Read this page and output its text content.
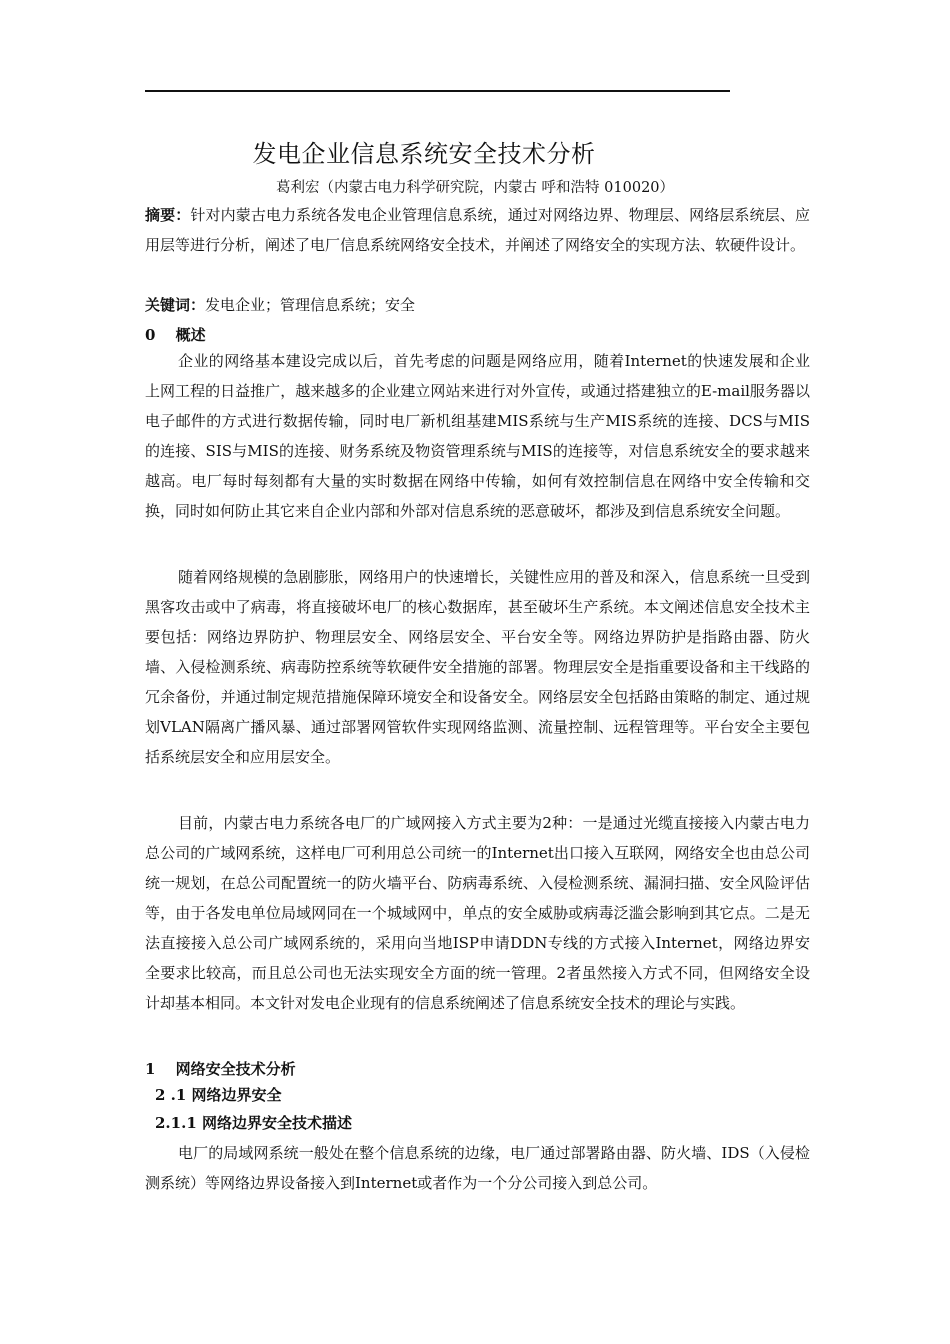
发电企业信息系统安全技术分析
葛利宏（内蒙古电力科学研究院，内蒙古 呼和浩特 010020）

摘要：针对内蒙古电力系统各发电企业管理信息系统，通过对网络边界、物理层、网络层系统层、应用层等进行分析，阐述了电厂信息系统网络安全技术，并阐述了网络安全的实现方法、软硬件设计。

关键词：发电企业；管理信息系统；安全

0　 概述

企业的网络基本建设完成以后，首先考虑的问题是网络应用，随着Internet的快速发展和企业上网工程的日益推广，越来越多的企业建立网站来进行对外宣传，或通过搭建独立的E-mail服务器以电子邮件的方式进行数据传输，同时电厂新机组基建MIS系统与生产MIS系统的连接、DCS与MIS的连接、SIS与MIS的连接、财务系统及物资管理系统与MIS的连接等，对信息系统安全的要求越来越高。电厂每时每刻都有大量的实时数据在网络中传输，如何有效控制信息在网络中安全传输和交换，同时如何防止其它来自企业内部和外部对信息系统的恶意破坏，都涉及到信息系统安全问题。

随着网络规模的急剧膨胀，网络用户的快速增长，关键性应用的普及和深入，信息系统一旦受到黑客攻击或中了病毒，将直接破坏电厂的核心数据库，甚至破坏生产系统。本文阐述信息安全技术主要包括：网络边界防护、物理层安全、网络层安全、平台安全等。网络边界防护是指路由器、防火墙、入侵检测系统、病毒防控系统等软硬件安全措施的部署。物理层安全是指重要设备和主干线路的冗余备份，并通过制定规范措施保障环境安全和设备安全。网络层安全包括路由策略的制定、通过规划VLAN隔离广播风暴、通过部署网管软件实现网络监测、流量控制、远程管理等。平台安全主要包括系统层安全和应用层安全。

目前，内蒙古电力系统各电厂的广域网接入方式主要为2种：一是通过光缆直接接入内蒙古电力总公司的广域网系统，这样电厂可利用总公司统一的Internet出口接入互联网，网络安全也由总公司统一规划，在总公司配置统一的防火墙平台、防病毒系统、入侵检测系统、漏洞扫描、安全风险评估等，由于各发电单位局域网同在一个城域网中，单点的安全威胁或病毒泛滥会影响到其它点。二是无法直接接入总公司广域网系统的，采用向当地ISP申请DDN专线的方式接入Internet，网络边界安全要求比较高，而且总公司也无法实现安全方面的统一管理。2者虽然接入方式不同，但网络安全设计却基本相同。本文针对发电企业现有的信息系统阐述了信息系统安全技术的理论与实践。

1　 网络安全技术分析
2 .1 网络边界安全
2.1.1 网络边界安全技术描述

电厂的局域网系统一般处在整个信息系统的边缘，电厂通过部署路由器、防火墙、IDS（入侵检测系统）等网络边界设备接入到Internet或者作为一个分公司接入到总公司。
